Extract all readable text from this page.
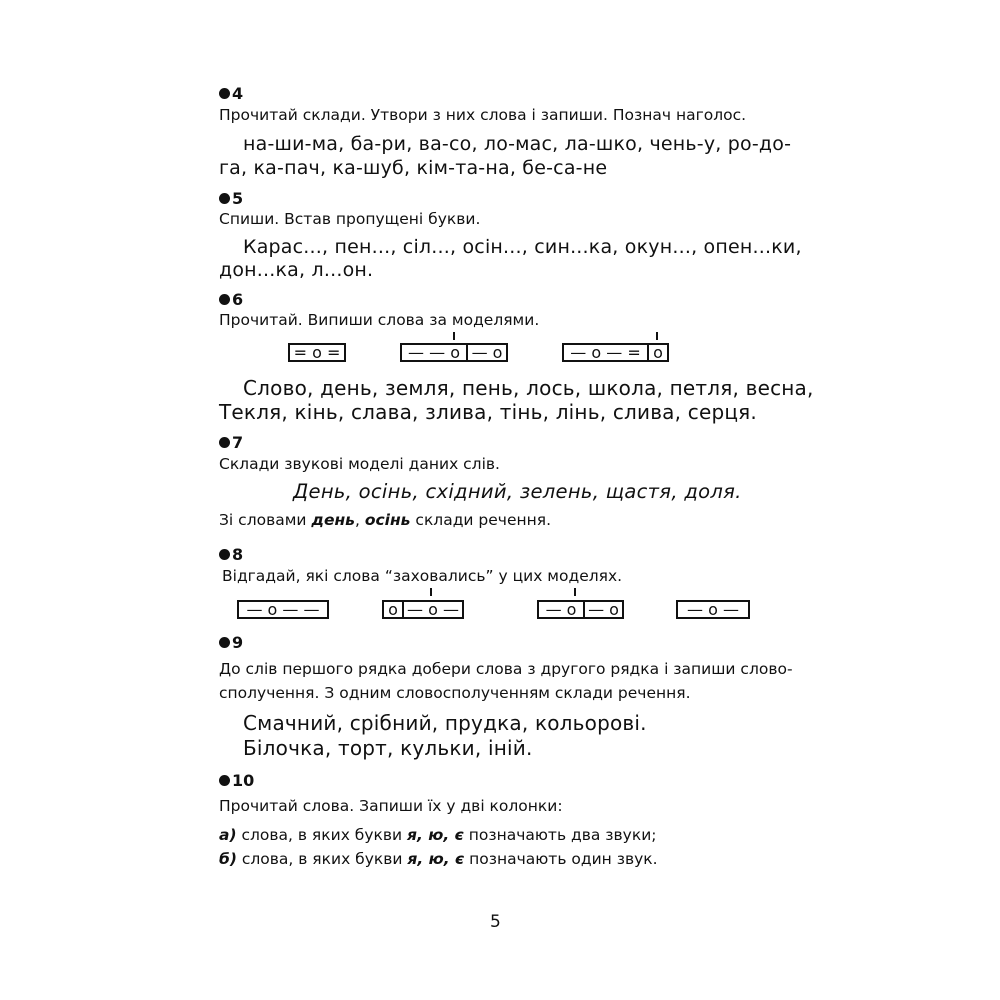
4
Прочитай склади. Утвори з них слова і запиши. Познач наголос.
на-ши-ма, ба-ри, ва-со, ло-мас, ла-шко, чень-у, ро-до-
га, ка-пач, ка-шуб, кім-та-на, бе-са-не
5
Спиши. Встав пропущені букви.
Карас..., пен..., сіл..., осін..., син...ка, окун..., опен...ки,
дон...ка, л...он.
6
Прочитай. Випиши слова за моделями.
= о =	— — о — о	— о — = о
Слово, день, земля, пень, лось, школа, петля, весна,
Текля, кінь, слава, злива, тінь, лінь, слива, серця.
7
Склади звукові моделі даних слів.
День, осінь, східний, зелень, щастя, доля.
Зі словами день, осінь склади речення.
8
Відгадай, які слова “заховались” у цих моделях.
— о — —	о — о —	— о — о	— о —
9
До слів першого рядка добери слова з другого рядка і запиши слово-
сполучення. З одним словосполученням склади речення.
Смачний, срібний, прудка, кольорові.
Білочка, торт, кульки, іній.
10
Прочитай слова. Запиши їх у дві колонки:
а) слова, в яких букви я, ю, є позначають два звуки;
б) слова, в яких букви я, ю, є позначають один звук.
5
